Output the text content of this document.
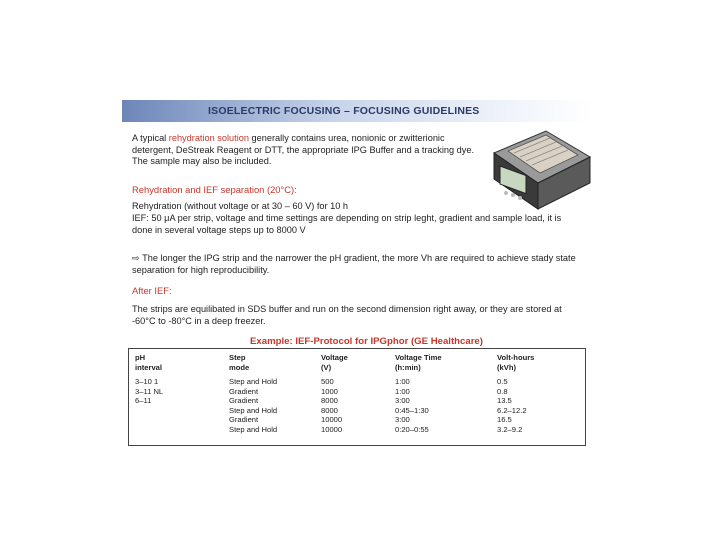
ISOELECTRIC FOCUSING – FOCUSING GUIDELINES
A typical rehydration solution generally contains urea, nonionic or zwitterionic detergent, DeStreak Reagent or DTT, the appropriate IPG Buffer and a tracking dye. The sample may also be included.
Rehydration and IEF separation (20°C):
Rehydration (without voltage or at 30 – 60 V) for 10 h
IEF: 50 μA per strip, voltage and time settings are depending on strip leght, gradient and sample load, it is done in several voltage steps up to 8000 V
⇨ The longer the IPG strip and the narrower the pH gradient, the more Vh are required to achieve stady state separation for high reproducibility.
After IEF:
The strips are equilibated in SDS buffer and run on the second dimension right away, or they are stored at -60°C to -80°C in a deep freezer.
Example: IEF-Protocol for IPGphor (GE Healthcare)
pH
interval
3–10 1
3–11 NL
6–11
Step
mode
Step and Hold
Gradient
Gradient
Step and Hold
Gradient
Step and Hold
Voltage
(V)
500
1000
8000
8000
10000
10000
Voltage Time
(h:min)
1:00
1:00
3:00
0:45–1:30
3:00
0:20–0:55
Volt-hours
(kVh)
0.5
0.8
13.5
6.2–12.2
16.5
3.2–9.2
